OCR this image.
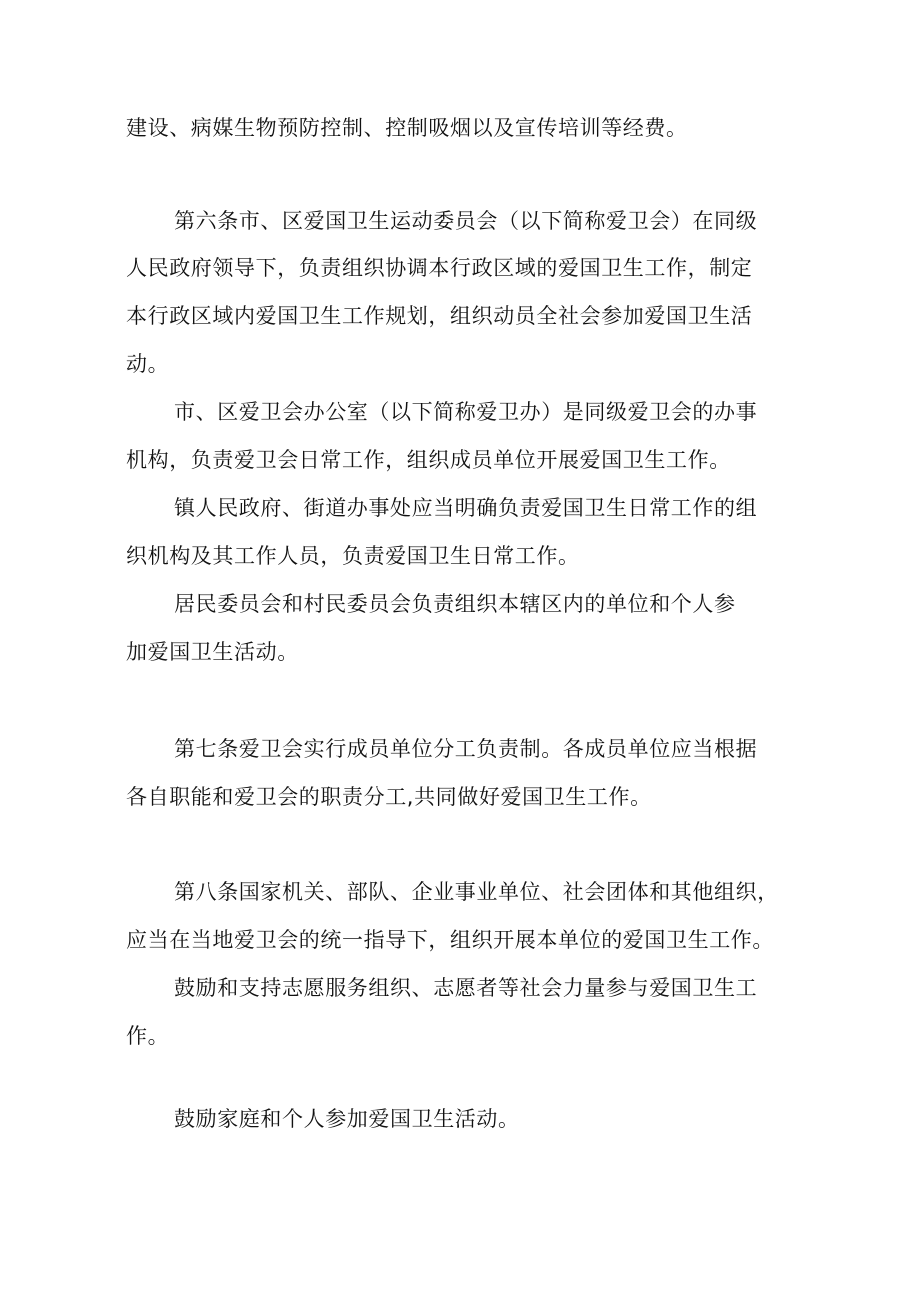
建设、病媒生物预防控制、控制吸烟以及宣传培训等经费。
第六条市、区爱国卫生运动委员会（以下简称爱卫会）在同级
人民政府领导下，负责组织协调本行政区域的爱国卫生工作，制定
本行政区域内爱国卫生工作规划，组织动员全社会参加爱国卫生活
动。
市、区爱卫会办公室（以下简称爱卫办）是同级爱卫会的办事
机构，负责爱卫会日常工作，组织成员单位开展爱国卫生工作。
镇人民政府、街道办事处应当明确负责爱国卫生日常工作的组
织机构及其工作人员，负责爱国卫生日常工作。
居民委员会和村民委员会负责组织本辖区内的单位和个人参
加爱国卫生活动。
第七条爱卫会实行成员单位分工负责制。各成员单位应当根据
各自职能和爱卫会的职责分工,共同做好爱国卫生工作。
第八条国家机关、部队、企业事业单位、社会团体和其他组织，
应当在当地爱卫会的统一指导下，组织开展本单位的爱国卫生工作。
鼓励和支持志愿服务组织、志愿者等社会力量参与爱国卫生工
作。
鼓励家庭和个人参加爱国卫生活动。
